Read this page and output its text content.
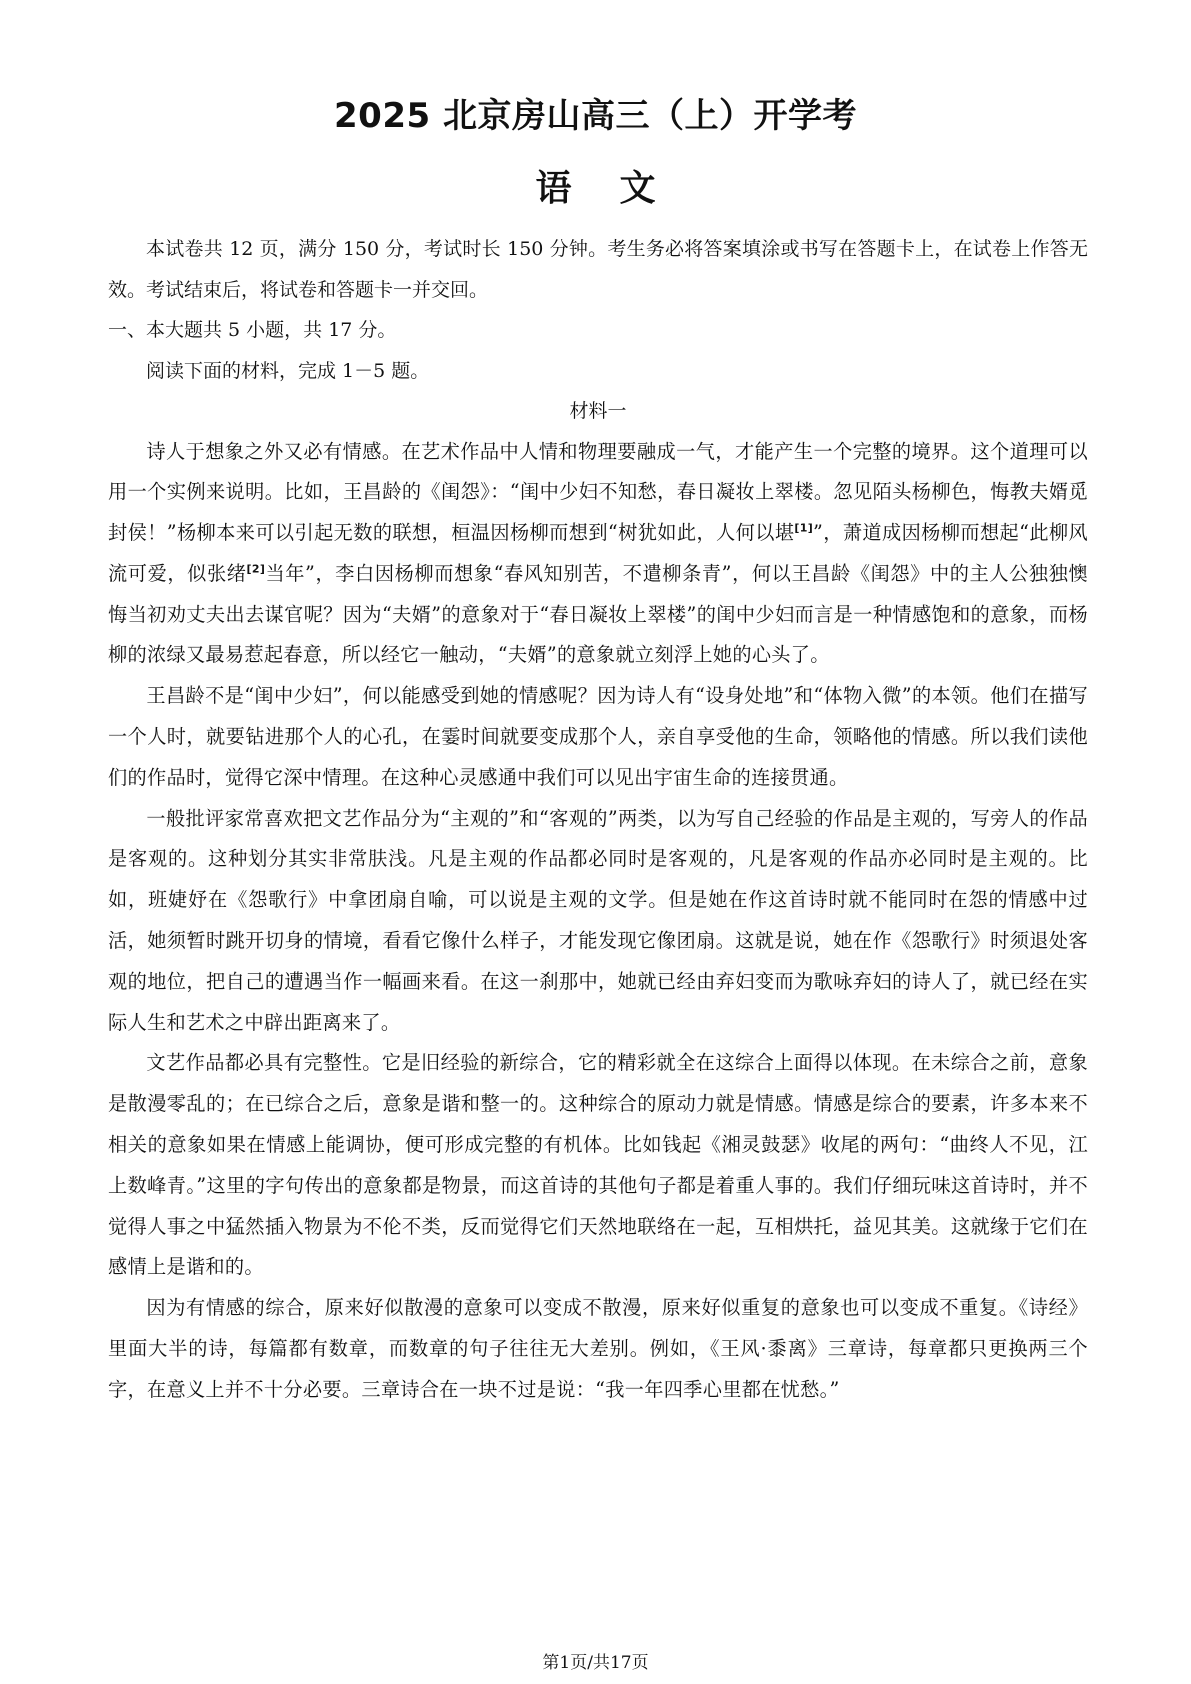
2025 北京房山高三（上）开学考
语文

本试卷共 12 页，满分 150 分，考试时长 150 分钟。考生务必将答案填涂或书写在答题卡上，在试卷上作答无效。考试结束后，将试卷和答题卡一并交回。

一、本大题共 5 小题，共 17 分。

阅读下面的材料，完成 1－5 题。

材料一

诗人于想象之外又必有情感。在艺术作品中人情和物理要融成一气，才能产生一个完整的境界。这个道理可以用一个实例来说明。比如，王昌龄的《闺怨》：“闺中少妇不知愁，春日凝妆上翠楼。忽见陌头杨柳色，悔教夫婿觅封侯！”杨柳本来可以引起无数的联想，桓温因杨柳而想到“树犹如此，人何以堪[1]”，萧道成因杨柳而想起“此柳风流可爱，似张绪[2]当年”，李白因杨柳而想象“春风知别苦，不遣柳条青”，何以王昌龄《闺怨》中的主人公独独懊悔当初劝丈夫出去谋官呢？因为“夫婿”的意象对于“春日凝妆上翠楼”的闺中少妇而言是一种情感饱和的意象，而杨柳的浓绿又最易惹起春意，所以经它一触动，“夫婿”的意象就立刻浮上她的心头了。

王昌龄不是“闺中少妇”，何以能感受到她的情感呢？因为诗人有“设身处地”和“体物入微”的本领。他们在描写一个人时，就要钻进那个人的心孔，在霎时间就要变成那个人，亲自享受他的生命，领略他的情感。所以我们读他们的作品时，觉得它深中情理。在这种心灵感通中我们可以见出宇宙生命的连接贯通。

一般批评家常喜欢把文艺作品分为“主观的”和“客观的”两类，以为写自己经验的作品是主观的，写旁人的作品是客观的。这种划分其实非常肤浅。凡是主观的作品都必同时是客观的，凡是客观的作品亦必同时是主观的。比如，班婕妤在《怨歌行》中拿团扇自喻，可以说是主观的文学。但是她在作这首诗时就不能同时在怨的情感中过活，她须暂时跳开切身的情境，看看它像什么样子，才能发现它像团扇。这就是说，她在作《怨歌行》时须退处客观的地位，把自己的遭遇当作一幅画来看。在这一刹那中，她就已经由弃妇变而为歌咏弃妇的诗人了，就已经在实际人生和艺术之中辟出距离来了。

文艺作品都必具有完整性。它是旧经验的新综合，它的精彩就全在这综合上面得以体现。在未综合之前，意象是散漫零乱的；在已综合之后，意象是谐和整一的。这种综合的原动力就是情感。情感是综合的要素，许多本来不相关的意象如果在情感上能调协，便可形成完整的有机体。比如钱起《湘灵鼓瑟》收尾的两句：“曲终人不见，江上数峰青。”这里的字句传出的意象都是物景，而这首诗的其他句子都是着重人事的。我们仔细玩味这首诗时，并不觉得人事之中猛然插入物景为不伦不类，反而觉得它们天然地联络在一起，互相烘托，益见其美。这就缘于它们在感情上是谐和的。

因为有情感的综合，原来好似散漫的意象可以变成不散漫，原来好似重复的意象也可以变成不重复。《诗经》里面大半的诗，每篇都有数章，而数章的句子往往无大差别。例如，《王风·黍离》三章诗，每章都只更换两三个字，在意义上并不十分必要。三章诗合在一块不过是说：“我一年四季心里都在忧愁。”

第1页/共17页
